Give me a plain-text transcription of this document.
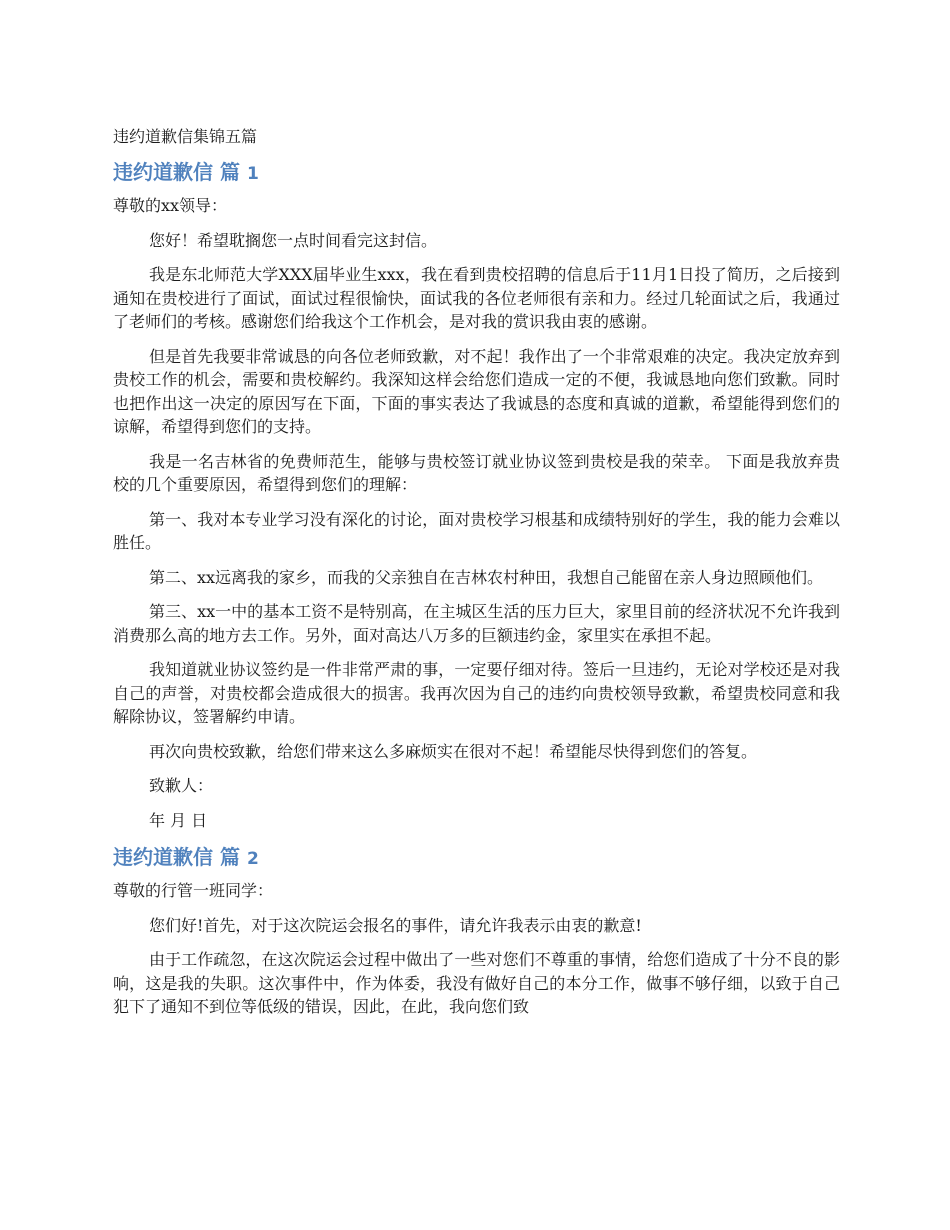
违约道歉信集锦五篇
违约道歉信 篇 1

尊敬的xx领导：

您好！希望耽搁您一点时间看完这封信。

我是东北师范大学XXX届毕业生xxx，我在看到贵校招聘的信息后于11月1日投了简历，之后接到通知在贵校进行了面试，面试过程很愉快，面试我的各位老师很有亲和力。经过几轮面试之后，我通过了老师们的考核。感谢您们给我这个工作机会，是对我的赏识我由衷的感谢。

但是首先我要非常诚恳的向各位老师致歉，对不起！我作出了一个非常艰难的决定。我决定放弃到贵校工作的机会，需要和贵校解约。我深知这样会给您们造成一定的不便，我诚恳地向您们致歉。同时也把作出这一决定的原因写在下面，下面的事实表达了我诚恳的态度和真诚的道歉，希望能得到您们的谅解，希望得到您们的支持。

我是一名吉林省的免费师范生，能够与贵校签订就业协议签到贵校是我的荣幸。 下面是我放弃贵校的几个重要原因，希望得到您们的理解：

第一、我对本专业学习没有深化的讨论，面对贵校学习根基和成绩特别好的学生，我的能力会难以胜任。

第二、xx远离我的家乡，而我的父亲独自在吉林农村种田，我想自己能留在亲人身边照顾他们。

第三、xx一中的基本工资不是特别高，在主城区生活的压力巨大，家里目前的经济状况不允许我到消费那么高的地方去工作。另外，面对高达八万多的巨额违约金，家里实在承担不起。

我知道就业协议签约是一件非常严肃的事，一定要仔细对待。签后一旦违约，无论对学校还是对我自己的声誉，对贵校都会造成很大的损害。我再次因为自己的违约向贵校领导致歉，希望贵校同意和我解除协议，签署解约申请。

再次向贵校致歉，给您们带来这么多麻烦实在很对不起！希望能尽快得到您们的答复。

致歉人：

年 月 日

违约道歉信 篇 2

尊敬的行管一班同学：

您们好!首先，对于这次院运会报名的事件，请允许我表示由衷的歉意!

由于工作疏忽，在这次院运会过程中做出了一些对您们不尊重的事情，给您们造成了十分不良的影响，这是我的失职。这次事件中，作为体委，我没有做好自己的本分工作，做事不够仔细，以致于自己犯下了通知不到位等低级的错误，因此，在此，我向您们致
